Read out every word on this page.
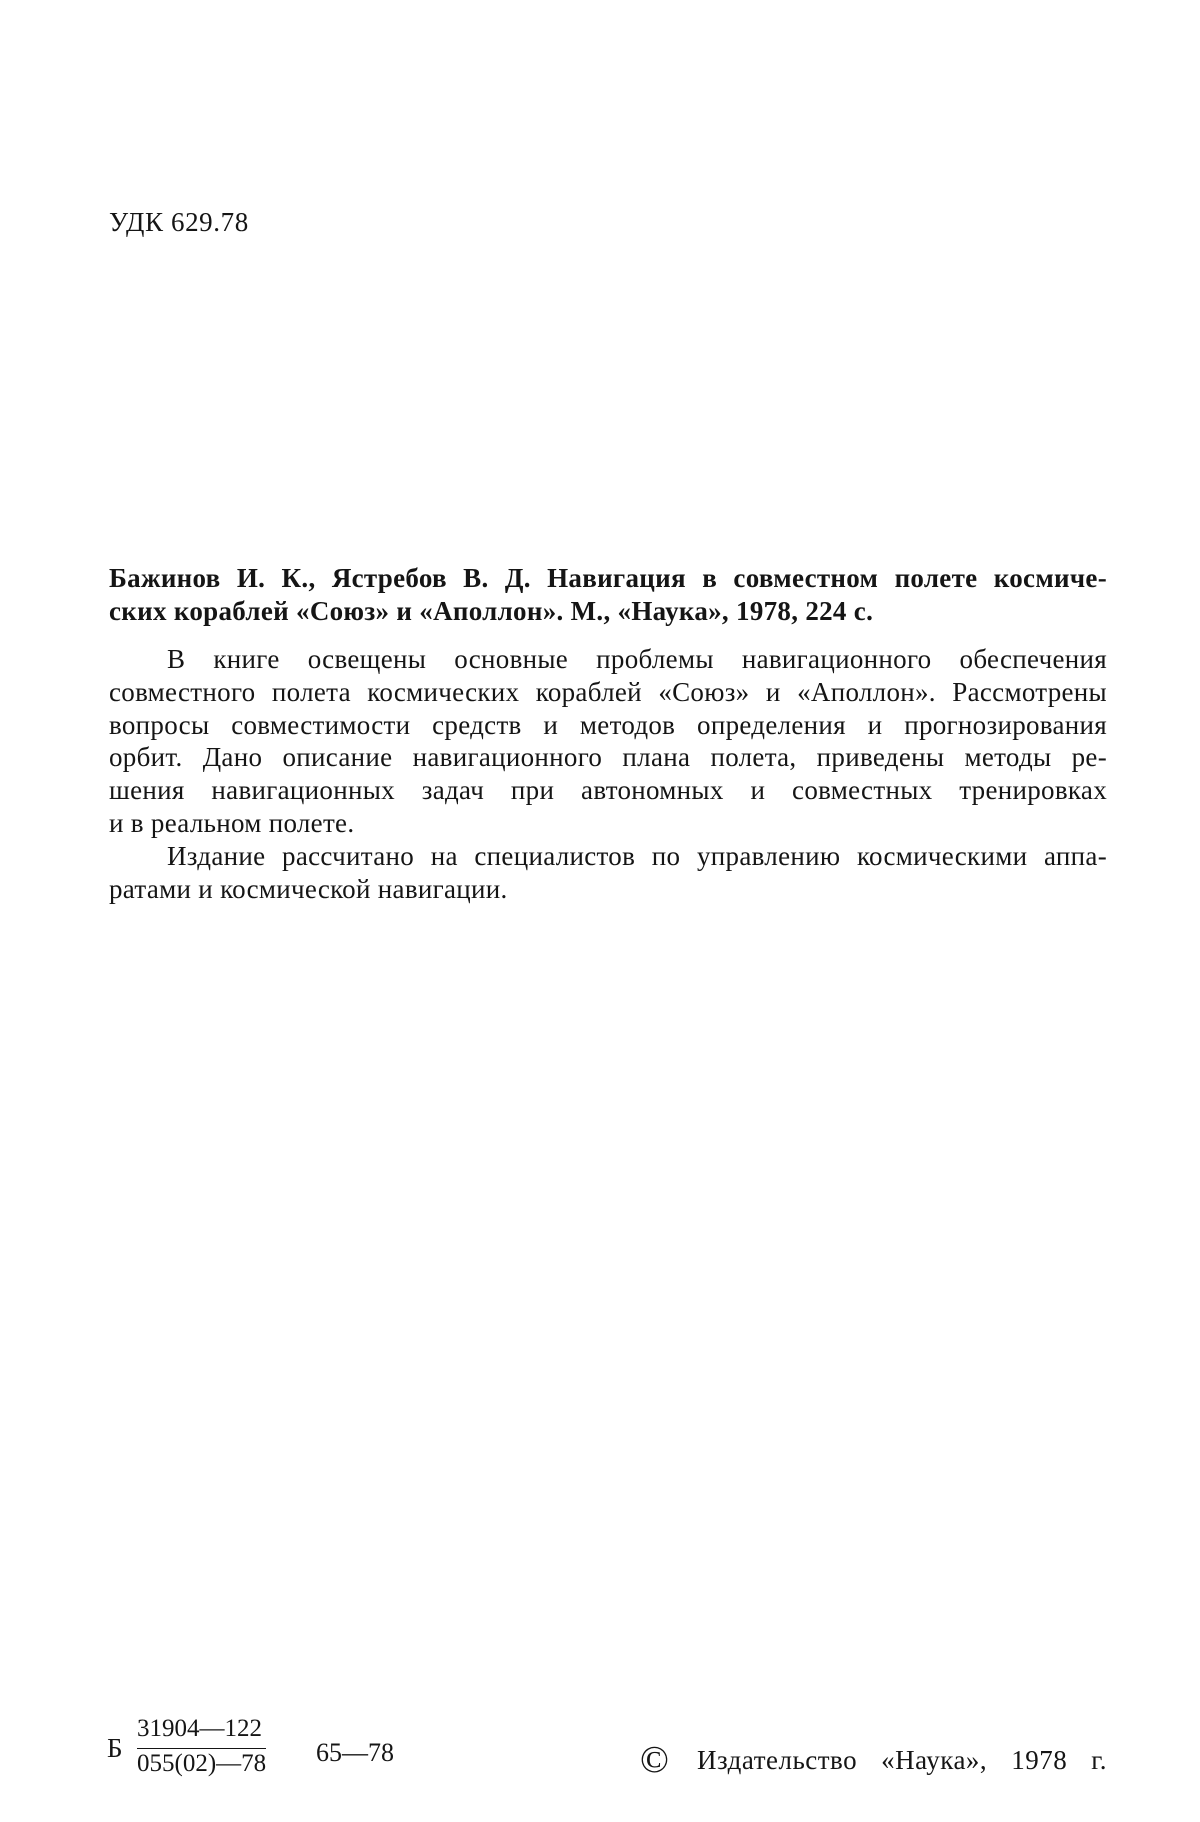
УДК 629.78
Бажинов И. К., Ястребов В. Д. Навигация в совместном полете космиче-
ских кораблей «Союз» и «Аполлон». М., «Наука», 1978, 224 с.
В книге освещены основные проблемы навигационного обеспечения
совместного полета космических кораблей «Союз» и «Аполлон». Рассмотрены
вопросы совместимости средств и методов определения и прогнозирования
орбит. Дано описание навигационного плана полета, приведены методы ре-
шения навигационных задач при автономных и совместных тренировках
и в реальном полете.
Издание рассчитано на специалистов по управлению космическими аппа-
ратами и космической навигации.
Б
31904—122
055(02)—78 65—78	© Издательство «Наука», 1978 г.
